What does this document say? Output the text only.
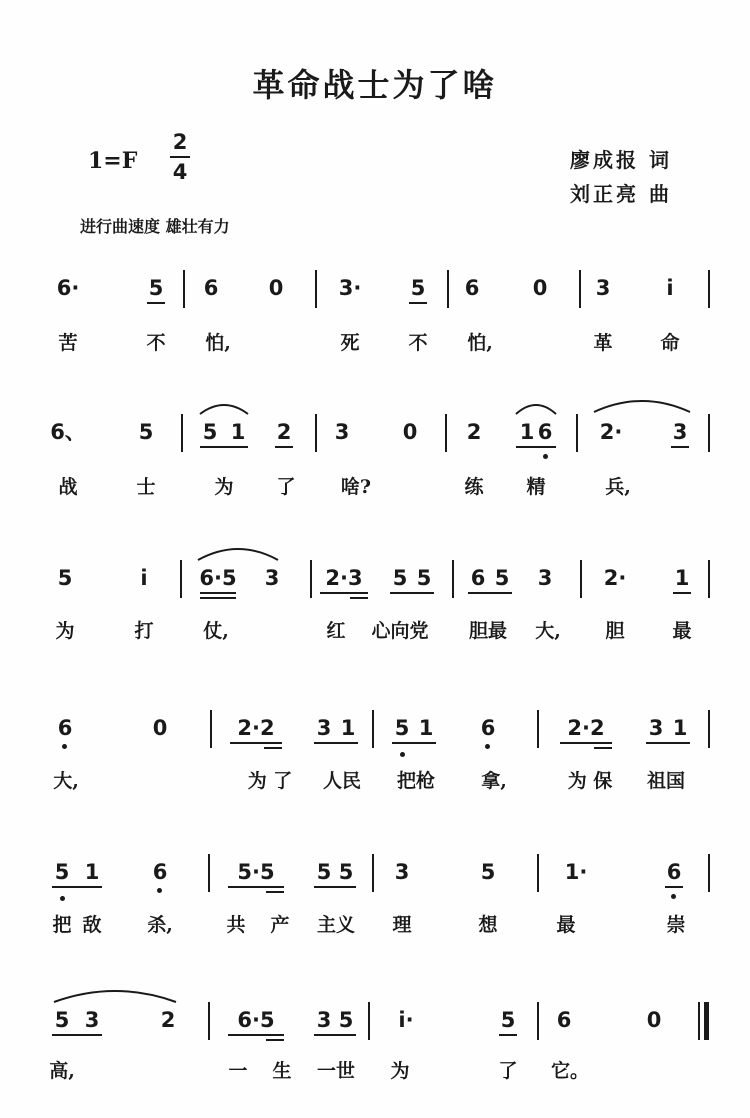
革命战士为了啥
1=F
2
4	廖成报 词
刘正亮 曲
进行曲速度 雄壮有力
6·	5 6 0	3· 5 6	0 3	i
苦	不 怕,	死	不 怕,	革	命
6、	5 5 1 2 3	0 2 1 6 2· 3
战	士	为 了 啥?	练 精	兵,
5	i 6·5 3 2·3 5 5 6 5 3 2· 1
为	打	仗,	红 心向党 胆最 大, 胆	最
6	0	2·2 3 1 5 1 6	2·2 3 1
大,	为 了 人民 把枪 拿,	为 保 祖国
5 1	6	5·5 5 5 3	5	1·	6
把 敌 杀,	共 产 主义 理	想	最	崇
5 3	2	6·5 3 5 i·	5 6	0
高,	一 生 一世 为	了 它。
